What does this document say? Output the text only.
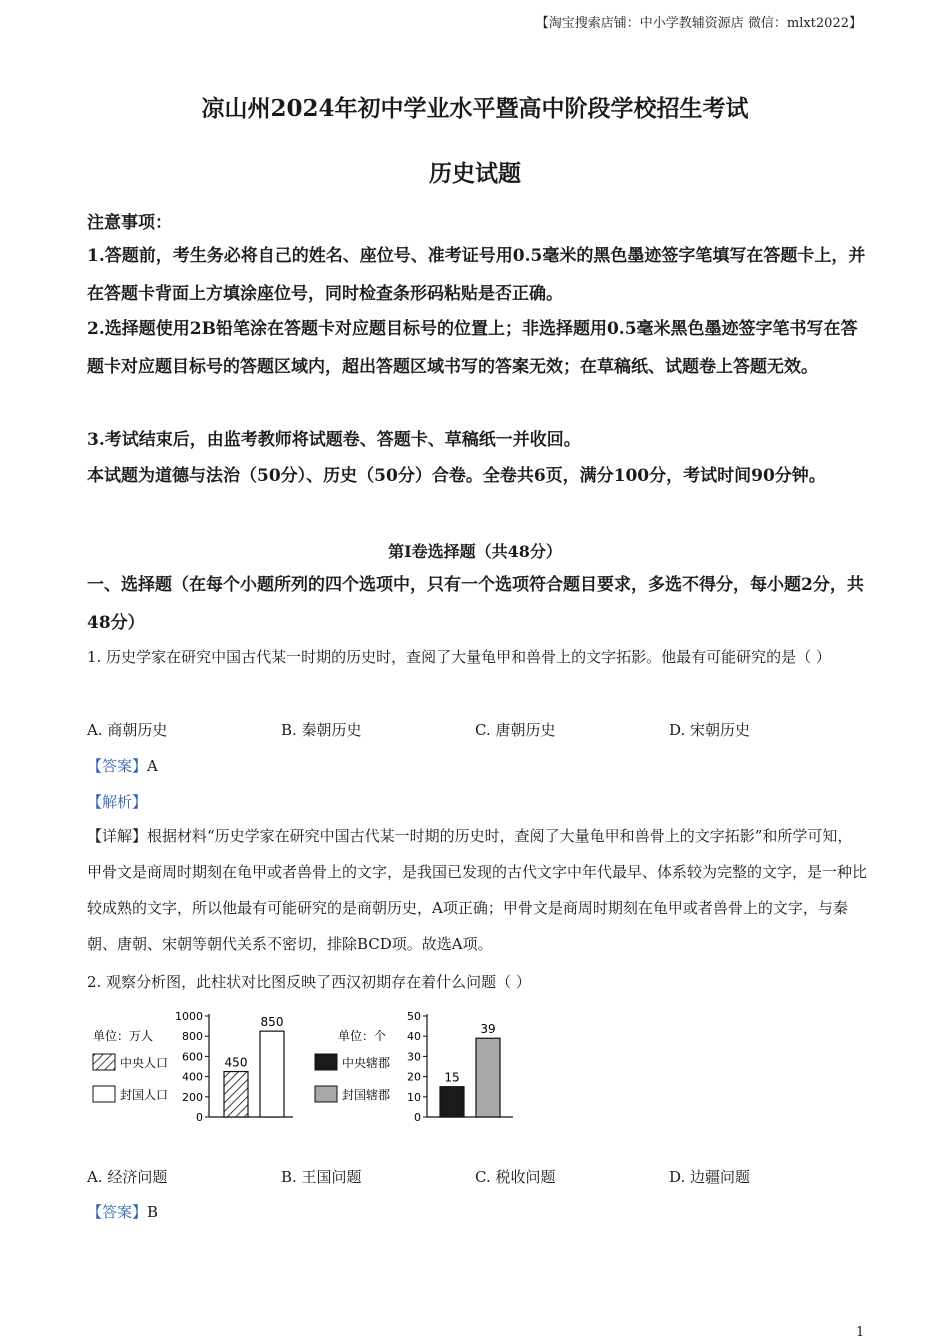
【淘宝搜索店铺：中小学教辅资源店 微信：mlxt2022】
凉山州2024年初中学业水平暨高中阶段学校招生考试
历史试题
注意事项：
1.答题前，考生务必将自己的姓名、座位号、准考证号用0.5毫米的黑色墨迹签字笔填写在答题卡上，并在答题卡背面上方填涂座位号，同时检查条形码粘贴是否正确。
2.选择题使用2B铅笔涂在答题卡对应题目标号的位置上；非选择题用0.5毫米黑色墨迹签字笔书写在答题卡对应题目标号的答题区域内，超出答题区域书写的答案无效；在草稿纸、试题卷上答题无效。
3.考试结束后，由监考教师将试题卷、答题卡、草稿纸一并收回。
本试题为道德与法治（50分）、历史（50分）合卷。全卷共6页，满分100分，考试时间90分钟。
第Ⅰ卷选择题（共48分）
一、选择题（在每个小题所列的四个选项中，只有一个选项符合题目要求，多选不得分，每小题2分，共48分）
1. 历史学家在研究中国古代某一时期的历史时，查阅了大量龟甲和兽骨上的文字拓影。他最有可能研究的是（ ）
A. 商朝历史	B. 秦朝历史	C. 唐朝历史	D. 宋朝历史
【答案】A
【解析】
【详解】根据材料“历史学家在研究中国古代某一时期的历史时，查阅了大量龟甲和兽骨上的文字拓影”和所学可知，甲骨文是商周时期刻在龟甲或者兽骨上的文字，是我国已发现的古代文字中年代最早、体系较为完整的文字，是一种比较成熟的文字，所以他最有可能研究的是商朝历史，A项正确；甲骨文是商周时期刻在龟甲或者兽骨上的文字，与秦朝、唐朝、宋朝等朝代关系不密切，排除BCD项。故选A项。
2. 观察分析图，此柱状对比图反映了西汉初期存在着什么问题（ ）
单位：万人
中央人口
封国人口
0
200
400
600
800
1000
450
850
单位：个
中央辖郡
封国辖郡
0
10
20
30
40
50
15
39
A. 经济问题	B. 王国问题	C. 税收问题	D. 边疆问题
【答案】B
1
